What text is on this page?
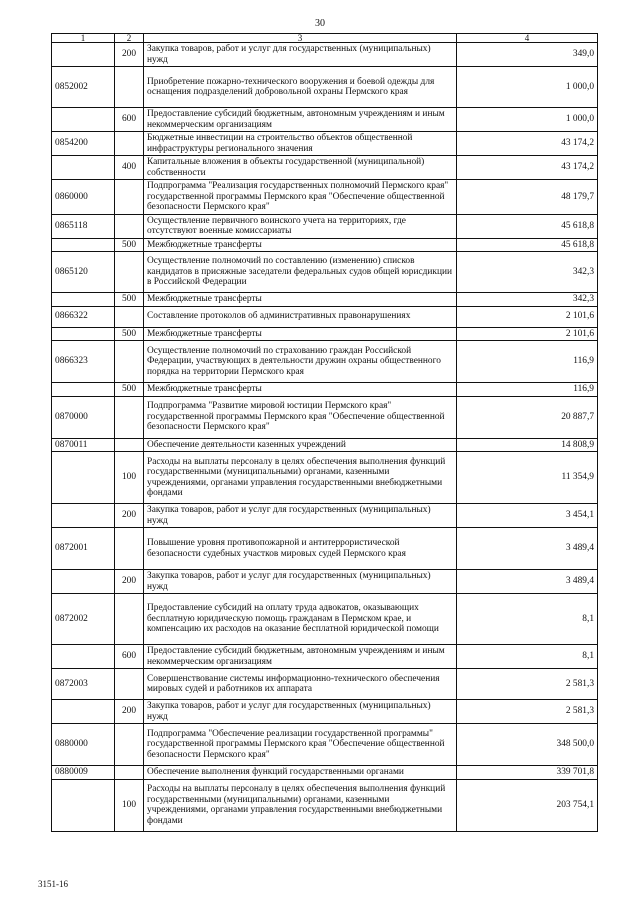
30
1	2	3	4
	200	Закупка товаров, работ и услуг для государственных (муниципальных) нужд	349,0
0852002		Приобретение пожарно-технического вооружения и боевой одежды для оснащения подразделений добровольной охраны Пермского края	1 000,0
	600	Предоставление субсидий бюджетным, автономным учреждениям и иным некоммерческим организациям	1 000,0
0854200		Бюджетные инвестиции на строительство объектов общественной инфраструктуры регионального значения	43 174,2
	400	Капитальные вложения в объекты государственной (муниципальной) собственности	43 174,2
0860000		Подпрограмма "Реализация государственных полномочий Пермского края" государственной программы Пермского края "Обеспечение общественной безопасности Пермского края"	48 179,7
0865118		Осуществление первичного воинского учета на территориях, где отсутствуют военные комиссариаты	45 618,8
	500	Межбюджетные трансферты	45 618,8
0865120		Осуществление полномочий по составлению (изменению) списков кандидатов в присяжные заседатели федеральных судов общей юрисдикции в Российской Федерации	342,3
	500	Межбюджетные трансферты	342,3
0866322		Составление протоколов об административных правонарушениях	2 101,6
	500	Межбюджетные трансферты	2 101,6
0866323		Осуществление полномочий по страхованию граждан Российской Федерации, участвующих в деятельности дружин охраны общественного порядка на территории Пермского края	116,9
	500	Межбюджетные трансферты	116,9
0870000		Подпрограмма "Развитие мировой юстиции Пермского края" государственной программы Пермского края "Обеспечение общественной безопасности Пермского края"	20 887,7
0870011		Обеспечение деятельности казенных учреждений	14 808,9
	100	Расходы на выплаты персоналу в целях обеспечения выполнения функций государственными (муниципальными) органами, казенными учреждениями, органами управления государственными внебюджетными фондами	11 354,9
	200	Закупка товаров, работ и услуг для государственных (муниципальных) нужд	3 454,1
0872001		Повышение уровня противопожарной и антитеррористической безопасности судебных участков мировых судей Пермского края	3 489,4
	200	Закупка товаров, работ и услуг для государственных (муниципальных) нужд	3 489,4
0872002		Предоставление субсидий на оплату труда адвокатов, оказывающих бесплатную юридическую помощь гражданам в Пермском крае, и компенсацию их расходов на оказание бесплатной юридической помощи	8,1
	600	Предоставление субсидий бюджетным, автономным учреждениям и иным некоммерческим организациям	8,1
0872003		Совершенствование системы информационно-технического обеспечения мировых судей и работников их аппарата	2 581,3
	200	Закупка товаров, работ и услуг для государственных (муниципальных) нужд	2 581,3
0880000		Подпрограмма "Обеспечение реализации государственной программы" государственной программы Пермского края "Обеспечение общественной безопасности Пермского края"	348 500,0
0880009		Обеспечение выполнения функций государственными органами	339 701,8
	100	Расходы на выплаты персоналу в целях обеспечения выполнения функций государственными (муниципальными) органами, казенными учреждениями, органами управления государственными внебюджетными фондами	203 754,1
3151-16
